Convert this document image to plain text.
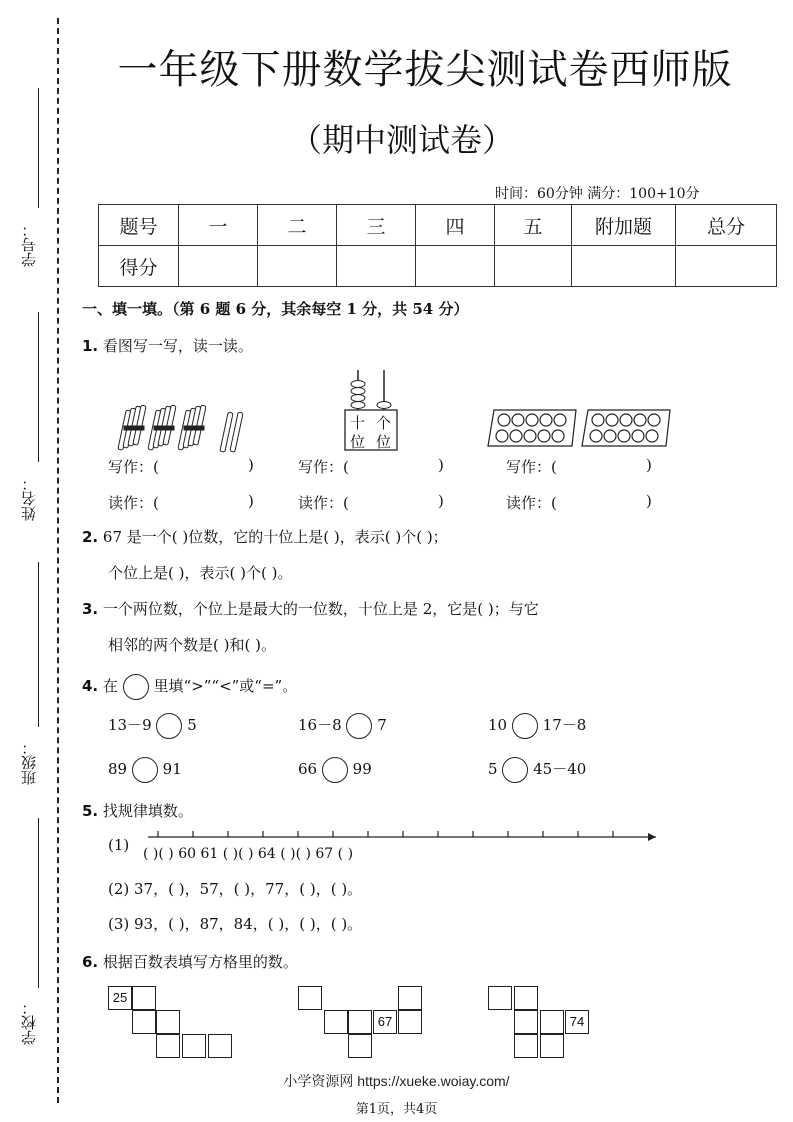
一年级下册数学拔尖测试卷西师版
（期中测试卷）
时间：60分钟 满分：100+10分
学号：
姓名：
班级：
学校：
题号	一	二	三	四	五	附加题	总分
得分							
一、填一填。（第 6 题 6 分，其余每空 1 分，共 54 分）
1. 看图写一写，读一读。
十 个
位 位
写作：(	)	写作：(	)	写作：(	)
读作：(	)	读作：(	)	读作：(	)
2. 67 是一个( )位数，它的十位上是( )，表示( )个( )；
个位上是( )，表示( )个( )。
3. 一个两位数，个位上是最大的一位数，十位上是 2，它是( )；与它
相邻的两个数是( )和( )。
4. 在 里填“>”“<”或“=”。
13－9 5	16－8 7	10 17－8
89 91	66 99	5 45－40
5. 找规律填数。
(1) ( )( ) 60 61 ( )( ) 64 ( )( ) 67 ( )
(2) 37，( )，57，( )，77，( )，( )。
(3) 93，( )，87，84，( )，( )，( )。
6. 根据百数表填写方格里的数。
25
67	74
小学资源网 https://xueke.woiay.com/
第1页，共4页
